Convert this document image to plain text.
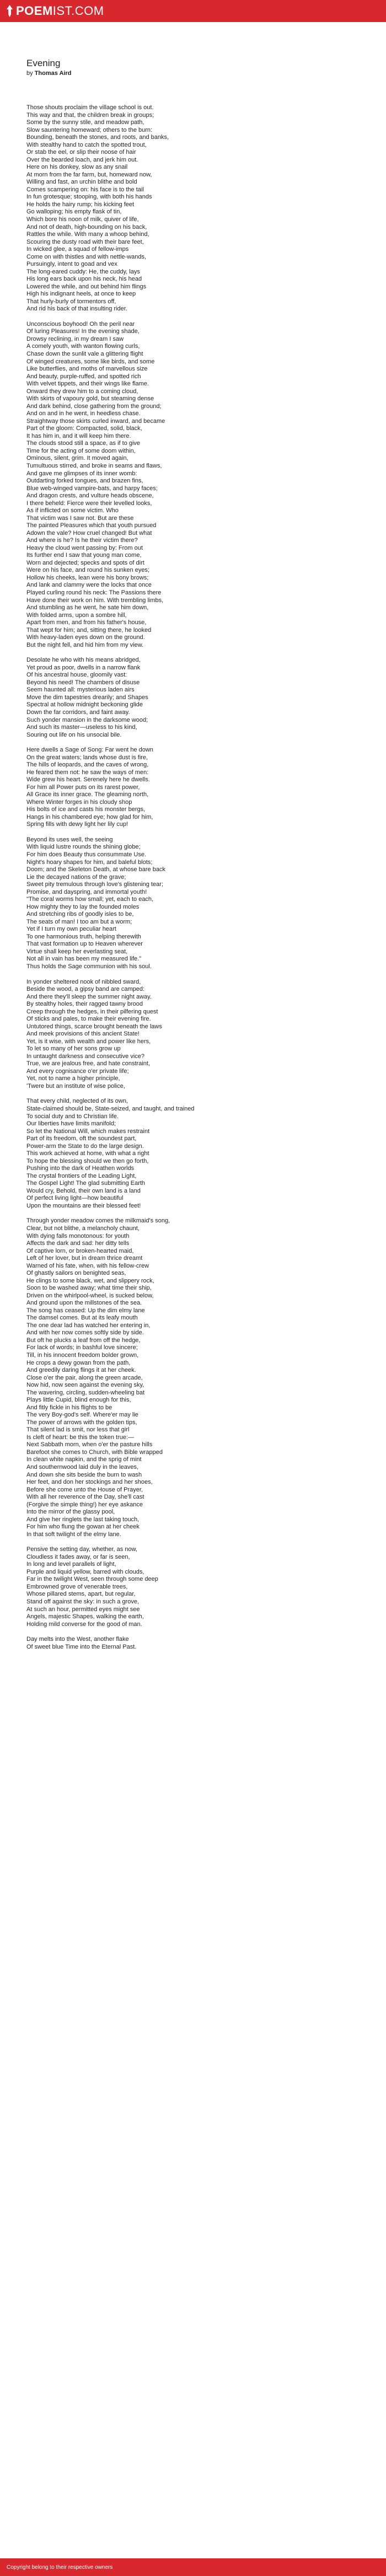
POEMIST.COM
Evening
by Thomas Aird
Those shouts proclaim the village school is out.
This way and that, the children break in groups;
Some by the sunny stile, and meadow path,
Slow sauntering homeward; others to the burn:
Bounding, beneath the stones, and roots, and banks,
With stealthy hand to catch the spotted trout,
Or stab the eel, or slip their noose of hair
Over the bearded loach, and jerk him out.
Here on his donkey, slow as any snail
At morn from the far farm, but, homeward now,
Willing and fast, an urchin blithe and bold
Comes scampering on: his face is to the tail
In fun grotesque; stooping, with both his hands
He holds the hairy rump; his kicking feet
Go walloping; his empty flask of tin,
Which bore his noon of milk, quiver of life,
And not of death, high-bounding on his back,
Rattles the while. With many a whoop behind,
Scouring the dusty road with their bare feet,
In wicked glee, a squad of fellow-imps
Come on with thistles and with nettle-wands,
Pursuingly, intent to goad and vex
The long-eared cuddy: He, the cuddy, lays
His long ears back upon his neck, his head
Lowered the while, and out behind him flings
High his indignant heels, at once to keep
That hurly-burly of tormentors off,
And rid his back of that insulting rider.
Unconscious boyhood! Oh the peril near
Of luring Pleasures! In the evening shade,
Drowsy reclining, in my dream I saw
A comely youth, with wanton flowing curls,
Chase down the sunlit vale a glittering flight
Of winged creatures, some like birds, and some
Like butterflies, and moths of marvellous size
And beauty, purple-ruffed, and spotted rich
With velvet tippets, and their wings like flame.
Onward they drew him to a coming cloud,
With skirts of vapoury gold, but steaming dense
And dark behind, close gathering from the ground;
And on and in he went, in heedless chase.
Straightway those skirts curled inward, and became
Part of the gloom: Compacted, solid, black,
It has him in, and it will keep him there.
The clouds stood still a space, as if to give
Time for the acting of some doom within,
Ominous, silent, grim. It moved again,
Tumultuous stirred, and broke in seams and flaws,
And gave me glimpses of its inner womb:
Outdarting forked tongues, and brazen fins,
Blue web-winged vampire-bats, and harpy faces;
And dragon crests, and vulture heads obscene,
I there beheld: Fierce were their levelled looks,
As if inflicted on some victim. Who
That victim was I saw not. But are these
The painted Pleasures which that youth pursued
Adown the vale? How cruel changed! But what
And where is he? Is he their victim there?
Heavy the cloud went passing by: From out
Its further end I saw that young man come,
Worn and dejected; specks and spots of dirt
Were on his face, and round his sunken eyes;
Hollow his cheeks, lean were his bony brows;
And lank and clammy were the locks that once
Played curling round his neck: The Passions there
Have done their work on him. With trembling limbs,
And stumbling as he went, he sate him down,
With folded arms, upon a sombre hill,
Apart from men, and from his father's house,
That wept for him; and, sitting there, he looked
With heavy-laden eyes down on the ground.
But the night fell, and hid him from my view.
Desolate he who with his means abridged,
Yet proud as poor, dwells in a narrow flank
Of his ancestral house, gloomily vast:
Beyond his need! The chambers of disuse
Seem haunted all: mysterious laden airs
Move the dim tapestries drearily; and Shapes
Spectral at hollow midnight beckoning glide
Down the far corridors, and faint away.
Such yonder mansion in the darksome wood;
And such its master—useless to his kind,
Souring out life on his unsocial bile.
Here dwells a Sage of Song: Far went he down
On the great waters; lands whose dust is fire,
The hills of leopards, and the caves of wrong,
He feared them not: he saw the ways of men:
Wide grew his heart. Serenely here he dwells.
For him all Power puts on its rarest power,
All Grace its inner grace. The gleaming north,
Where Winter forges in his cloudy shop
His bolts of ice and casts his monster bergs,
Hangs in his chambered eye; how glad for him,
Spring fills with dewy light her lily cup!
Beyond its uses well, the seeing
With liquid lustre rounds the shining globe;
For him does Beauty thus consummate Use.
Night's hoary shapes for him, and baleful blots;
Doom; and the Skeleton Death, at whose bare back
Lie the decayed nations of the grave;
Sweet pity tremulous through love's glistening tear;
Promise, and dayspring, and immortal youth!
"The coral worms how small; yet, each to each,
How mighty they to lay the founded moles
And stretching ribs of goodly isles to be,
The seats of man! I too am but a worm;
Yet if I turn my own peculiar heart
To one harmonious truth, helping therewith
That vast formation up to Heaven wherever
Virtue shall keep her everlasting seat,
Not all in vain has been my measured life."
Thus holds the Sage communion with his soul.
In yonder sheltered nook of nibbled sward,
Beside the wood, a gipsy band are camped:
And there they'll sleep the summer night away.
By stealthy holes, their ragged tawny brood
Creep through the hedges, in their pilfering quest
Of sticks and pales, to make their evening fire.
Untutored things, scarce brought beneath the laws
And meek provisions of this ancient State!
Yet, is it wise, with wealth and power like hers,
To let so many of her sons grow up
In untaught darkness and consecutive vice?
True, we are jealous free, and hate constraint,
And every cognisance o'er private life;
Yet, not to name a higher principle,
'Twere but an institute of wise police,
That every child, neglected of its own,
State-claimed should be, State-seized, and taught, and trained
To social duty and to Christian life.
Our liberties have limits manifold;
So let the National Will, which makes restraint
Part of its freedom, oft the soundest part,
Power-arm the State to do the large design.
This work achieved at home, with what a right
To hope the blessing should we then go forth,
Pushing into the dark of Heathen worlds
The crystal frontiers of the Leading Light,
The Gospel Light! The glad submitting Earth
Would cry, Behold, their own land is a land
Of perfect living light—how beautiful
Upon the mountains are their blessed feet!
Through yonder meadow comes the milkmaid's song,
Clear, but not blithe, a melancholy chaunt,
With dying falls monotonous: for youth
Affects the dark and sad: her ditty tells
Of captive lorn, or broken-hearted maid,
Left of her lover, but in dream thrice dreamt
Warned of his fate, when, with his fellow-crew
Of ghastly sailors on benighted seas,
He clings to some black, wet, and slippery rock,
Soon to be washed away; what time their ship,
Driven on the whirlpool-wheel, is sucked below,
And ground upon the millstones of the sea.
The song has ceased: Up the dim elmy lane
The damsel comes. But at its leafy mouth
The one dear lad has watched her entering in,
And with her now comes softly side by side.
But oft he plucks a leaf from off the hedge,
For lack of words; in bashful love sincere;
Till, in his innocent freedom bolder grown,
He crops a dewy gowan from the path,
And greedily daring flings it at her cheek.
Close o'er the pair, along the green arcade,
Now hid, now seen against the evening sky,
The wavering, circling, sudden-wheeling bat
Plays little Cupid, blind enough for this,
And fitly fickle in his flights to be
The very Boy-god's self. Where'er may lie
The power of arrows with the golden tips,
That silent lad is smit, nor less that girl
Is cleft of heart: be this the token true:—
Next Sabbath morn, when o'er the pasture hills
Barefoot she comes to Church, with Bible wrapped
In clean white napkin, and the sprig of mint
And southernwood laid duly in the leaves,
And down she sits beside the burn to wash
Her feet, and don her stockings and her shoes,
Before she come unto the House of Prayer,
With all her reverence of the Day, she'll cast
(Forgive the simple thing!) her eye askance
Into the mirror of the glassy pool,
And give her ringlets the last taking touch,
For him who flung the gowan at her cheek
In that soft twilight of the elmy lane.
Pensive the setting day, whether, as now,
Cloudless it fades away, or far is seen,
In long and level parallels of light,
Purple and liquid yellow, barred with clouds,
Far in the twilight West, seen through some deep
Embrowned grove of venerable trees,
Whose pillared stems, apart, but regular,
Stand off against the sky: in such a grove,
At such an hour, permitted eyes might see
Angels, majestic Shapes, walking the earth,
Holding mild converse for the good of man.
Day melts into the West, another flake
Of sweet blue Time into the Eternal Past.
Copyright belong to their respective owners
